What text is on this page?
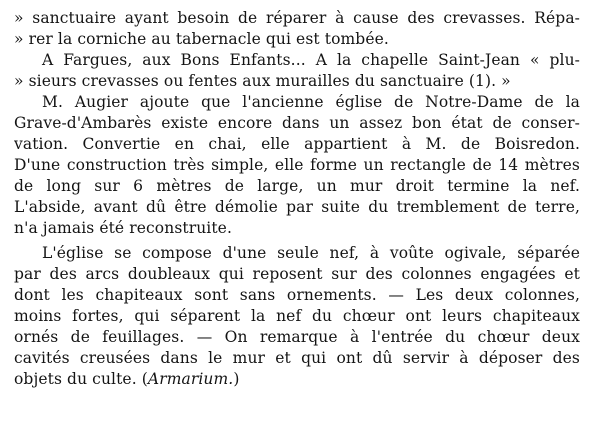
» sanctuaire ayant besoin de réparer à cause des crevasses. Répa-
» rer la corniche au tabernacle qui est tombée.
A Fargues, aux Bons Enfants... A la chapelle Saint-Jean « plu-
» sieurs crevasses ou fentes aux murailles du sanctuaire (1). »
M. Augier ajoute que l'ancienne église de Notre-Dame de la
Grave-d'Ambarès existe encore dans un assez bon état de conser-
vation. Convertie en chai, elle appartient à M. de Boisredon.
D'une construction très simple, elle forme un rectangle de 14 mètres
de long sur 6 mètres de large, un mur droit termine la nef.
L'abside, avant dû être démolie par suite du tremblement de terre,
n'a jamais été reconstruite.
L'église se compose d'une seule nef, à voûte ogivale, séparée
par des arcs doubleaux qui reposent sur des colonnes engagées et
dont les chapiteaux sont sans ornements. — Les deux colonnes,
moins fortes, qui séparent la nef du chœur ont leurs chapiteaux
ornés de feuillages. — On remarque à l'entrée du chœur deux
cavités creusées dans le mur et qui ont dû servir à déposer des
objets du culte. (Armarium.)
